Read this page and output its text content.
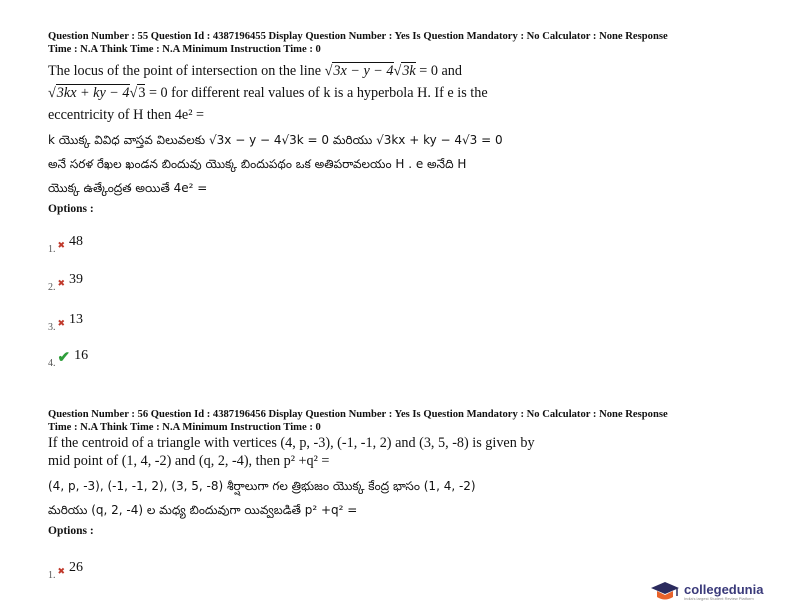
Question Number : 55 Question Id : 4387196455 Display Question Number : Yes Is Question Mandatory : No Calculator : None Response
Time : N.A Think Time : N.A Minimum Instruction Time : 0
The locus of the point of intersection on the line √3x − y − 4√3k = 0 and
√3kx + ky − 4√3 = 0 for different real values of k is a hyperbola H. If e is the
eccentricity of H then 4e² =
k యొక్క వివిధ వాస్తవ విలువలకు √3x − y − 4√3k = 0 మరియు √3kx + ky − 4√3 = 0
అనే సరళ రేఖల ఖండన బిందువు యొక్క బిందుపథం ఒక అతిపరావలయం H . e అనేది H
యొక్క ఉత్కేంద్రత అయితే 4e² =
Options :
$_{1.}$ ✖ 48
$_{2.}$ ✖ 39
$_{3.}$ ✖ 13
$_{4.}$ ✔ 16
Question Number : 56 Question Id : 4387196456 Display Question Number : Yes Is Question Mandatory : No Calculator : None Response
Time : N.A Think Time : N.A Minimum Instruction Time : 0
If the centroid of a triangle with vertices (4, p, -3), (-1, -1, 2) and (3, 5, -8) is given by
mid point of (1, 4, -2) and (q, 2, -4), then p² +q² =
(4, p, -3), (-1, -1, 2), (3, 5, -8) శీర్షాలుగా గల త్రిభుజం యొక్క కేంద్ర భాసం (1, 4, -2)
మరియు (q, 2, -4) ల మధ్య బిందువుగా యివ్వబడితే p² +q² =
Options :
$_{1.}$ ✖ 26
collegedunia
India's largest Student Review Platform
